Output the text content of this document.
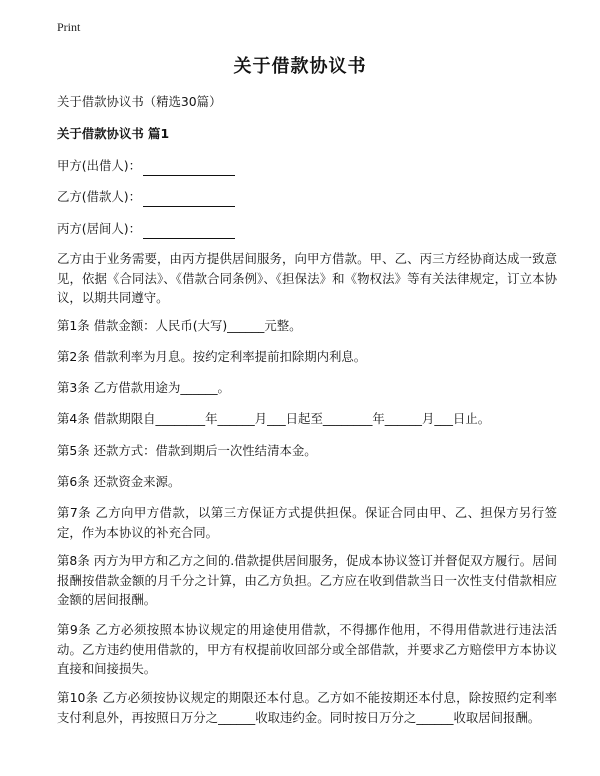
Print
关于借款协议书
关于借款协议书（精选30篇）
关于借款协议书 篇1
甲方(出借人)：
乙方(借款人)：
丙方(居间人)：

乙方由于业务需要，由丙方提供居间服务，向甲方借款。甲、乙、丙三方经协商达成一致意见，依据《合同法》、《借款合同条例》、《担保法》和《物权法》等有关法律规定，订立本协议，以期共同遵守。

第1条 借款金额：人民币(大写)______元整。

第2条 借款利率为月息。按约定利率提前扣除期内利息。

第3条 乙方借款用途为______。

第4条 借款期限自________年______月___日起至________年______月___日止。

第5条 还款方式：借款到期后一次性结清本金。

第6条 还款资金来源。

第7条 乙方向甲方借款，以第三方保证方式提供担保。保证合同由甲、乙、担保方另行签定，作为本协议的补充合同。

第8条 丙方为甲方和乙方之间的.借款提供居间服务，促成本协议签订并督促双方履行。居间报酬按借款金额的月千分之计算，由乙方负担。乙方应在收到借款当日一次性支付借款相应金额的居间报酬。

第9条 乙方必须按照本协议规定的用途使用借款，不得挪作他用，不得用借款进行违法活动。乙方违约使用借款的，甲方有权提前收回部分或全部借款，并要求乙方赔偿甲方本协议直接和间接损失。

第10条 乙方必须按协议规定的期限还本付息。乙方如不能按期还本付息，除按照约定利率支付利息外，再按照日万分之______收取违约金。同时按日万分之______收取居间报酬。
